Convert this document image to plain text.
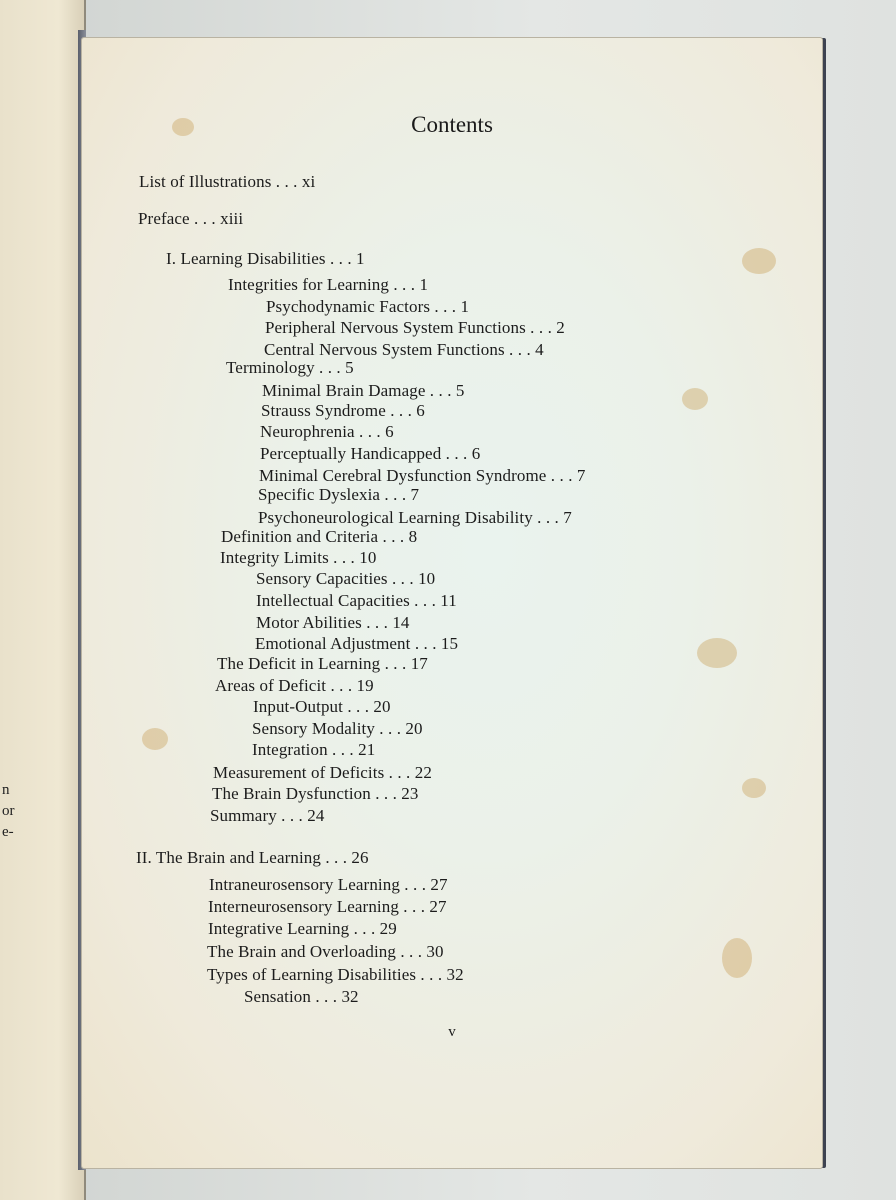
n
or
e-
Contents
List of Illustrations . . . xi
Preface . . . xiii
I. Learning Disabilities . . . 1
Integrities for Learning . . . 1
Psychodynamic Factors . . . 1
Peripheral Nervous System Functions . . . 2
Central Nervous System Functions . . . 4
Terminology . . . 5
Minimal Brain Damage . . . 5
Strauss Syndrome . . . 6
Neurophrenia . . . 6
Perceptually Handicapped . . . 6
Minimal Cerebral Dysfunction Syndrome . . . 7
Specific Dyslexia . . . 7
Psychoneurological Learning Disability . . . 7
Definition and Criteria . . . 8
Integrity Limits . . . 10
Sensory Capacities . . . 10
Intellectual Capacities . . . 11
Motor Abilities . . . 14
Emotional Adjustment . . . 15
The Deficit in Learning . . . 17
Areas of Deficit . . . 19
Input-Output . . . 20
Sensory Modality . . . 20
Integration . . . 21
Measurement of Deficits . . . 22
The Brain Dysfunction . . . 23
Summary . . . 24
II. The Brain and Learning . . . 26
Intraneurosensory Learning . . . 27
Interneurosensory Learning . . . 27
Integrative Learning . . . 29
The Brain and Overloading . . . 30
Types of Learning Disabilities . . . 32
Sensation . . . 32
v
